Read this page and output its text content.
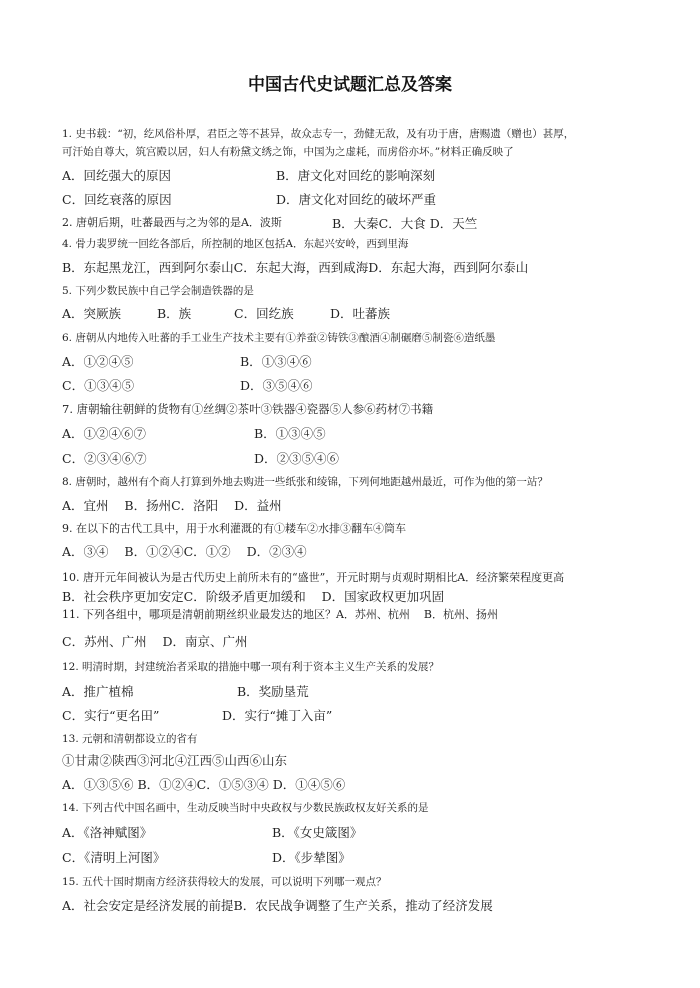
中国古代史试题汇总及答案
1. 史书载：“初，纥风俗朴厚，君臣之等不甚异，故众志专一，劲健无敌，及有功于唐，唐赐遗（赠也）甚厚，
可汗始自尊大，筑宫殿以居，妇人有粉黛文绣之饰，中国为之虚耗，而虏俗亦坏。”材料正确反映了
A．回纥强大的原因	B．唐文化对回纥的影响深刻
C．回纥衰落的原因	D．唐文化对回纥的破坏严重
2. 唐朝后期，吐蕃最西与之为邻的是A．波斯	B．大秦C．大食 D．天竺
4. 骨力裴罗统一回纥各部后，所控制的地区包括A．东起兴安岭，西到里海
B．东起黑龙江，西到阿尔泰山C．东起大海，西到咸海D．东起大海，西到阿尔泰山
5. 下列少数民族中自己学会制造铁器的是
A．突厥族	B．族	C．回纥族	D．吐蕃族
6. 唐朝从内地传入吐蕃的手工业生产技术主要有①养蚕②铸铁③酿酒④制碾磨⑤制瓷⑥造纸墨
A．①②④⑤	B．①③④⑥
C．①③④⑤	D．③⑤④⑥
7. 唐朝输往朝鲜的货物有①丝绸②茶叶③铁器④瓷器⑤人参⑥药材⑦书籍
A．①②④⑥⑦	B．①③④⑤
C．②③④⑥⑦	D．②③⑤④⑥
8. 唐朝时，越州有个商人打算到外地去购进一些纸张和绫锦，下列何地距越州最近，可作为他的第一站？
A．宜州    B．扬州C．洛阳    D．益州
9. 在以下的古代工具中，用于水利灌溉的有①耧车②水排③翻车④筒车
A．③④    B．①②④C．①②    D．②③④
10. 唐开元年间被认为是古代历史上前所未有的“盛世”，开元时期与贞观时期相比A．经济繁荣程度更高
B．社会秩序更加安定C．阶级矛盾更加缓和    D．国家政权更加巩固
11. 下列各组中，哪项是清朝前期丝织业最发达的地区？A．苏州、杭州    B．杭州、扬州
C．苏州、广州    D．南京、广州
12. 明清时期，封建统治者采取的措施中哪一项有利于资本主义生产关系的发展？
A．推广植棉	B．奖励垦荒
C．实行“更名田”	D．实行“摊丁入亩”
13. 元朝和清朝都设立的省有
①甘肃②陕西③河北④江西⑤山西⑥山东
A．①③⑤⑥ B．①②④C．①⑤③④ D．①④⑤⑥
14. 下列古代中国名画中，生动反映当时中央政权与少数民族政权友好关系的是
A．《洛神赋图》	B．《女史箴图》
C．《清明上河图》	D．《步辇图》
15. 五代十国时期南方经济获得较大的发展，可以说明下列哪一观点？
A．社会安定是经济发展的前提B．农民战争调整了生产关系，推动了经济发展
